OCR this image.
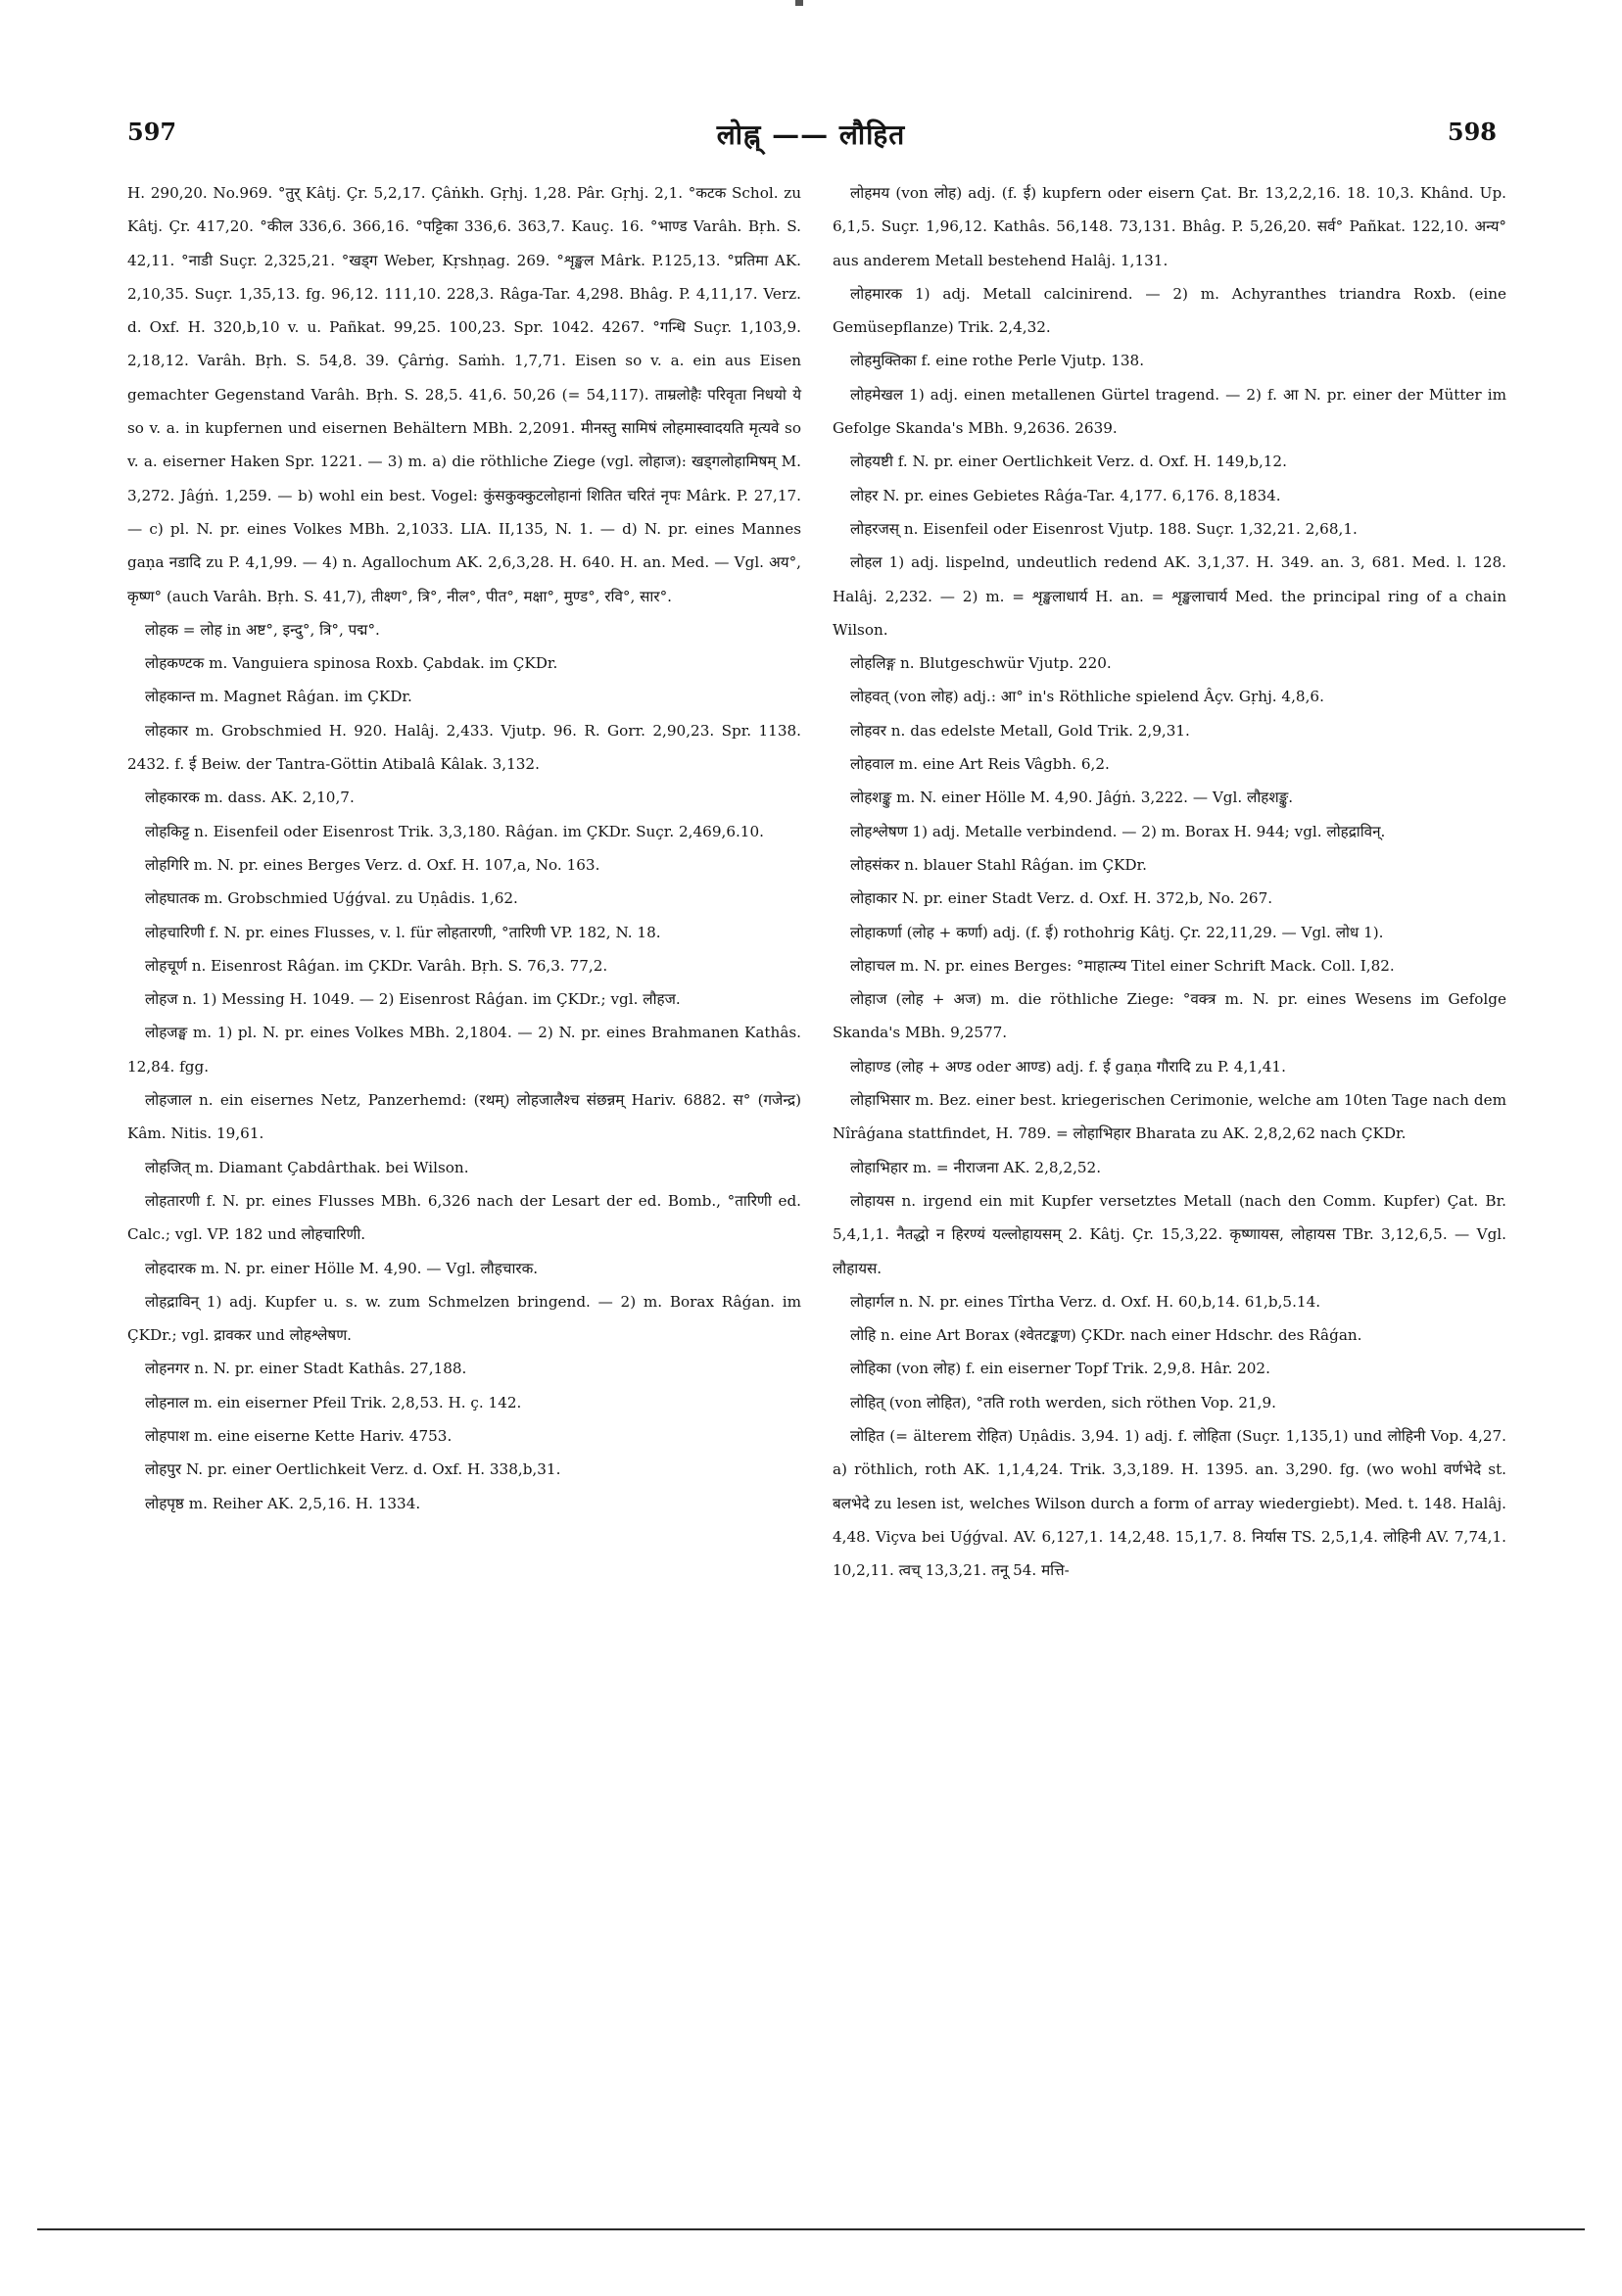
597	लोह्न् —— लौहित	598

H. 290,20. No.969. °तुर् Kâtj. Çr. 5,2,17. Çâṅkh. Gṛhj. 1,28. Pâr. Gṛhj. 2,1. °कटक Schol. zu Kâtj. Çr. 417,20. °कील 336,6. 366,16. °पट्टिका 336,6. 363,7. Kauç. 16. °भाण्ड Varâh. Bṛh. S. 42,11. °नाडी Suçr. 2,325,21. °खड्ग Weber, Kṛshṇag. 269. °शृङ्खल Mârk. P.125,13. °प्रतिमा AK. 2,10,35. Suçr. 1,35,13. fg. 96,12. 111,10. 228,3. Râga-Tar. 4,298. Bhâg. P. 4,11,17. Verz. d. Oxf. H. 320,b,10 v. u. Pañkat. 99,25. 100,23. Spr. 1042. 4267. °गन्धि Suçr. 1,103,9. 2,18,12. Varâh. Bṛh. S. 54,8. 39. Çârṅg. Saṁh. 1,7,71. Eisen so v. a. ein aus Eisen gemachter Gegenstand Varâh. Bṛh. S. 28,5. 41,6. 50,26 (= 54,117). ताम्रलोहैः परिवृता निधयो ये so v. a. in kupfernen und eisernen Behältern MBh. 2,2091. मीनस्तु सामिषं लोहमास्वादयति मृत्यवे so v. a. eiserner Haken Spr. 1221. — 3) m. a) die röthliche Ziege (vgl. लोहाज): खड्गलोहामिषम् M. 3,272. Jâǵṅ. 1,259. — b) wohl ein best. Vogel: कुंसकुक्कुटलोहानां शितित चरितं नृपः Mârk. P. 27,17. — c) pl. N. pr. eines Volkes MBh. 2,1033. LIA. II,135, N. 1. — d) N. pr. eines Mannes gaṇa नडादि zu P. 4,1,99. — 4) n. Agallochum AK. 2,6,3,28. H. 640. H. an. Med. — Vgl. अय°, कृष्ण° (auch Varâh. Bṛh. S. 41,7), तीक्ष्ण°, त्रि°, नील°, पीत°, मक्षा°, मुण्ड°, रवि°, सार°.

लोहक = लोह in अष्ट°, इन्दु°, त्रि°, पद्म°.

लोहकण्टक m. Vanguiera spinosa Roxb. Çabdak. im ÇKDr.

लोहकान्त m. Magnet Râǵan. im ÇKDr.

लोहकार m. Grobschmied H. 920. Halâj. 2,433. Vjutp. 96. R. Gorr. 2,90,23. Spr. 1138. 2432. f. ई Beiw. der Tantra-Göttin Atibalâ Kâlak. 3,132.

लोहकारक m. dass. AK. 2,10,7.

लोहकिट्ट n. Eisenfeil oder Eisenrost Trik. 3,3,180. Râǵan. im ÇKDr. Suçr. 2,469,6.10.

लोहगिरि m. N. pr. eines Berges Verz. d. Oxf. H. 107,a, No. 163.

लोहघातक m. Grobschmied Uǵǵval. zu Uṇâdis. 1,62.

लोहचारिणी f. N. pr. eines Flusses, v. l. für लोहतारणी, °तारिणी VP. 182, N. 18.

लोहचूर्ण n. Eisenrost Râǵan. im ÇKDr. Varâh. Bṛh. S. 76,3. 77,2.

लोहज n. 1) Messing H. 1049. — 2) Eisenrost Râǵan. im ÇKDr.; vgl. लौहज.

लोहजङ्घ m. 1) pl. N. pr. eines Volkes MBh. 2,1804. — 2) N. pr. eines Brahmanen Kathâs. 12,84. fgg.

लोहजाल n. ein eisernes Netz, Panzerhemd: (रथम्) लोहजालैश्च संछन्नम् Hariv. 6882. स° (गजेन्द्र) Kâm. Nitis. 19,61.

लोहजित् m. Diamant Çabdârthak. bei Wilson.

लोहतारणी f. N. pr. eines Flusses MBh. 6,326 nach der Lesart der ed. Bomb., °तारिणी ed. Calc.; vgl. VP. 182 und लोहचारिणी.

लोहदारक m. N. pr. einer Hölle M. 4,90. — Vgl. लौहचारक.

लोहद्राविन् 1) adj. Kupfer u. s. w. zum Schmelzen bringend. — 2) m. Borax Râǵan. im ÇKDr.; vgl. द्रावकर und लोहश्लेषण.

लोहनगर n. N. pr. einer Stadt Kathâs. 27,188.

लोहनाल m. ein eiserner Pfeil Trik. 2,8,53. H. ç. 142.

लोहपाश m. eine eiserne Kette Hariv. 4753.

लोहपुर N. pr. einer Oertlichkeit Verz. d. Oxf. H. 338,b,31.

लोहपृष्ठ m. Reiher AK. 2,5,16. H. 1334.

लोहमय (von लोह) adj. (f. ई) kupfern oder eisern Çat. Br. 13,2,2,16. 18. 10,3. Khând. Up. 6,1,5. Suçr. 1,96,12. Kathâs. 56,148. 73,131. Bhâg. P. 5,26,20. सर्व° Pañkat. 122,10. अन्य° aus anderem Metall bestehend Halâj. 1,131.

लोहमारक 1) adj. Metall calcinirend. — 2) m. Achyranthes triandra Roxb. (eine Gemüsepflanze) Trik. 2,4,32.

लोहमुक्तिका f. eine rothe Perle Vjutp. 138.

लोहमेखल 1) adj. einen metallenen Gürtel tragend. — 2) f. आ N. pr. einer der Mütter im Gefolge Skanda's MBh. 9,2636. 2639.

लोहयष्टी f. N. pr. einer Oertlichkeit Verz. d. Oxf. H. 149,b,12.

लोहर N. pr. eines Gebietes Râǵa-Tar. 4,177. 6,176. 8,1834.

लोहरजस् n. Eisenfeil oder Eisenrost Vjutp. 188. Suçr. 1,32,21. 2,68,1.

लोहल 1) adj. lispelnd, undeutlich redend AK. 3,1,37. H. 349. an. 3, 681. Med. l. 128. Halâj. 2,232. — 2) m. = शृङ्खलाधार्य H. an. = शृङ्खलाचार्य Med. the principal ring of a chain Wilson.

लोहलिङ्ग n. Blutgeschwür Vjutp. 220.

लोहवत् (von लोह) adj.: आ° in's Röthliche spielend Âçv. Gṛhj. 4,8,6.

लोहवर n. das edelste Metall, Gold Trik. 2,9,31.

लोहवाल m. eine Art Reis Vâgbh. 6,2.

लोहशङ्कु m. N. einer Hölle M. 4,90. Jâǵṅ. 3,222. — Vgl. लौहशङ्कु.

लोहश्लेषण 1) adj. Metalle verbindend. — 2) m. Borax H. 944; vgl. लोहद्राविन्.

लोहसंकर n. blauer Stahl Râǵan. im ÇKDr.

लोहाकार N. pr. einer Stadt Verz. d. Oxf. H. 372,b, No. 267.

लोहाकर्णा (लोह + कर्णा) adj. (f. ई) rothohrig Kâtj. Çr. 22,11,29. — Vgl. लोध 1).

लोहाचल m. N. pr. eines Berges: °माहात्म्य Titel einer Schrift Mack. Coll. I,82.

लोहाज (लोह + अज) m. die röthliche Ziege: °वक्त्र m. N. pr. eines Wesens im Gefolge Skanda's MBh. 9,2577.

लोहाण्ड (लोह + अण्ड oder आण्ड) adj. f. ई gaṇa गौरादि zu P. 4,1,41.

लोहाभिसार m. Bez. einer best. kriegerischen Cerimonie, welche am 10ten Tage nach dem Nîrâǵana stattfindet, H. 789. = लोहाभिहार Bharata zu AK. 2,8,2,62 nach ÇKDr.

लोहाभिहार m. = नीराजना AK. 2,8,2,52.

लोहायस n. irgend ein mit Kupfer versetztes Metall (nach den Comm. Kupfer) Çat. Br. 5,4,1,1. नैतद्धो न हिरण्यं यल्लोहायसम् 2. Kâtj. Çr. 15,3,22. कृष्णायस, लोहायस TBr. 3,12,6,5. — Vgl. लौहायस.

लोहार्गल n. N. pr. eines Tîrtha Verz. d. Oxf. H. 60,b,14. 61,b,5.14.

लोहि n. eine Art Borax (श्वेतटङ्कण) ÇKDr. nach einer Hdschr. des Râǵan.

लोहिका (von लोह) f. ein eiserner Topf Trik. 2,9,8. Hâr. 202.

लोहित् (von लोहित), °तति roth werden, sich röthen Vop. 21,9.

लोहित (= älterem रोहित) Uṇâdis. 3,94. 1) adj. f. लोहिता (Suçr. 1,135,1) und लोहिनी Vop. 4,27. a) röthlich, roth AK. 1,1,4,24. Trik. 3,3,189. H. 1395. an. 3,290. fg. (wo wohl वर्णभेदे st. बलभेदे zu lesen ist, welches Wilson durch a form of array wiedergiebt). Med. t. 148. Halâj. 4,48. Viçva bei Uǵǵval. AV. 6,127,1. 14,2,48. 15,1,7. 8. निर्यास TS. 2,5,1,4. लोहिनी AV. 7,74,1. 10,2,11. त्वच् 13,3,21. तनू 54. मत्ति-
